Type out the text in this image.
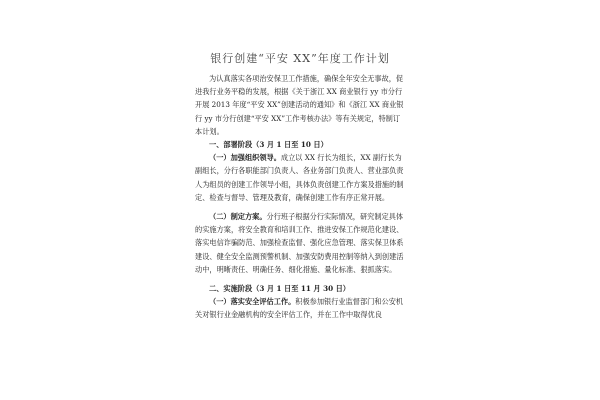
银行创建“平安 XX”年度工作计划

为认真落实各项治安保卫工作措施，确保全年安全无事故，促进我行业务平稳的发展，根据《关于浙江 XX 商业银行 yy 市分行开展 2013 年度“平安 XX”创建活动的通知》和《浙江 XX 商业银行 yy 市分行创建“平安 XX”工作考核办法》等有关规定，特制订本计划。

一、部署阶段（3 月 1 日至 10 日）

（一）加强组织领导。成立以 XX 行长为组长，XX 副行长为副组长，分行各职能部门负责人、各业务部门负责人、营业部负责人为组员的创建工作领导小组，具体负责创建工作方案及措施的制定、检查与督导、管理及教育，确保创建工作有序正常开展。

（二）制定方案。分行班子根据分行实际情况，研究制定具体的实施方案，将安全教育和培训工作、推进安保工作规范化建设、落实电信诈骗防范、加强检查监督、强化应急管理、落实保卫体系建设、健全安全监测预警机制、加强安防费用控制等纳入到创建活动中，明晰责任、明确任务、细化措施、量化标准、狠抓落实。

二、实施阶段（3 月 1 日至 11 月 30 日）

（一）落实安全评估工作。积极参加银行业监督部门和公安机关对银行业金融机构的安全评估工作，并在工作中取得优良
